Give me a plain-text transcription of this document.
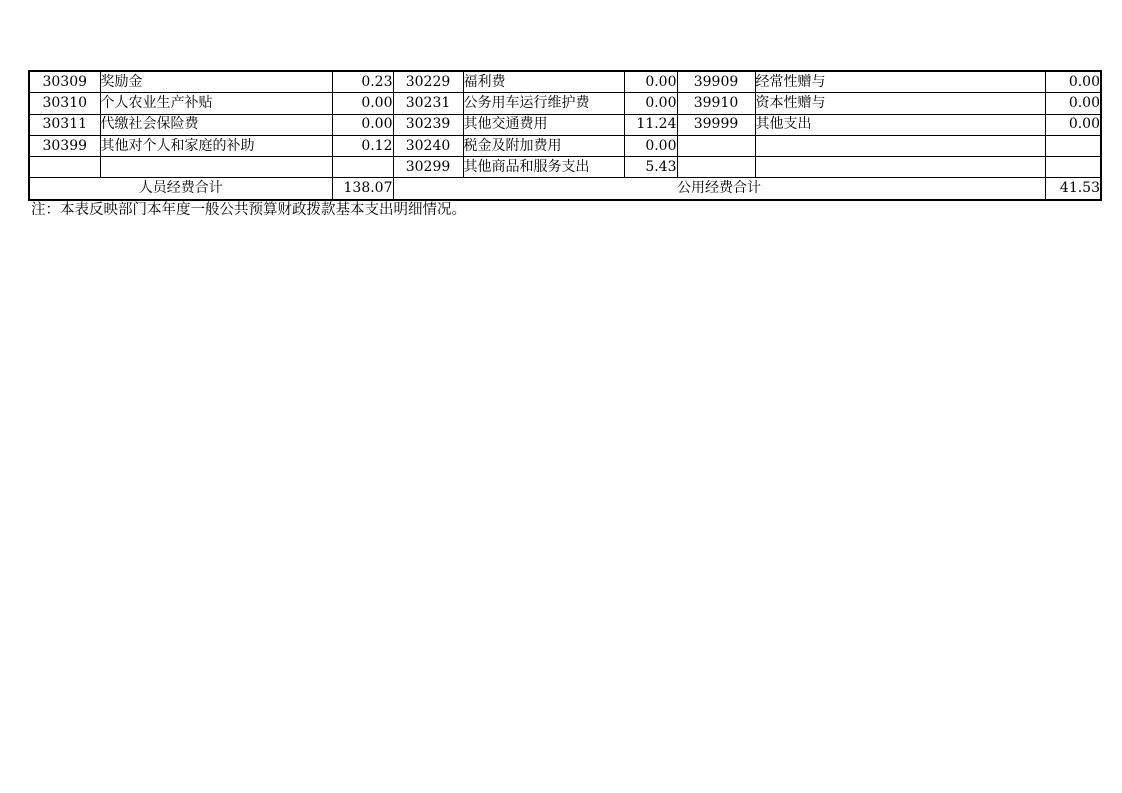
30309	奖励金	0.23	30229	福利费	0.00	39909	经常性赠与	0.00
30310	个人农业生产补贴	0.00	30231	公务用车运行维护费	0.00	39910	资本性赠与	0.00
30311	代缴社会保险费	0.00	30239	其他交通费用	11.24	39999	其他支出	0.00
30399	其他对个人和家庭的补助	0.12	30240	税金及附加费用	0.00			
			30299	其他商品和服务支出	5.43			
人员经费合计		138.07	公用经费合计					41.53
注：本表反映部门本年度一般公共预算财政拨款基本支出明细情况。
